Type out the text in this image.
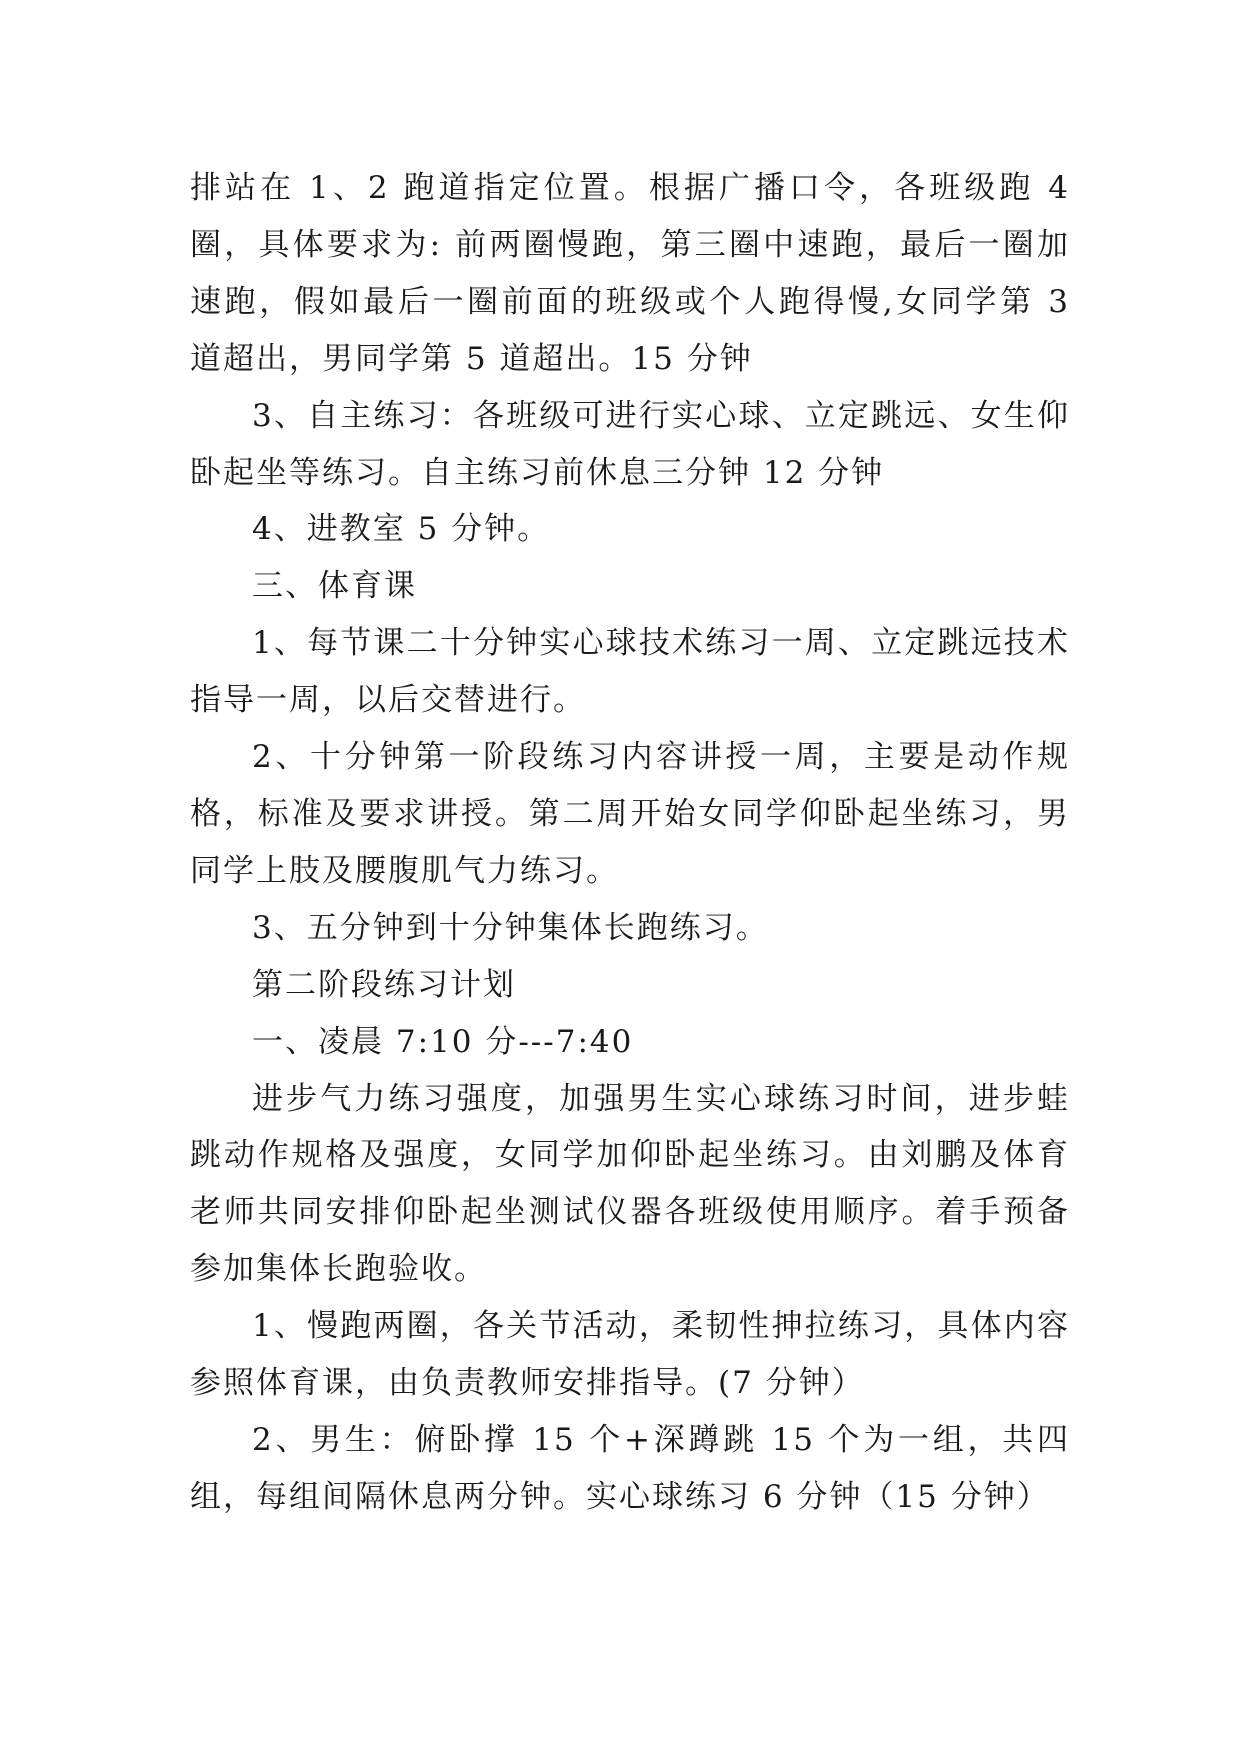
排站在 1、2 跑道指定位置。根据广播口令，各班级跑 4 圈，具体要求为: 前两圈慢跑，第三圈中速跑，最后一圈加速跑，假如最后一圈前面的班级或个人跑得慢,女同学第 3 道超出，男同学第 5 道超出。15 分钟

3、自主练习：各班级可进行实心球、立定跳远、女生仰卧起坐等练习。自主练习前休息三分钟 12 分钟

4、进教室 5 分钟。

三、体育课

1、每节课二十分钟实心球技术练习一周、立定跳远技术指导一周，以后交替进行。

2、十分钟第一阶段练习内容讲授一周，主要是动作规格，标准及要求讲授。第二周开始女同学仰卧起坐练习，男同学上肢及腰腹肌气力练习。

3、五分钟到十分钟集体长跑练习。

第二阶段练习计划

一、凌晨 7:10 分---7:40

进步气力练习强度，加强男生实心球练习时间，进步蛙跳动作规格及强度，女同学加仰卧起坐练习。由刘鹏及体育老师共同安排仰卧起坐测试仪器各班级使用顺序。着手预备参加集体长跑验收。

1、慢跑两圈，各关节活动，柔韧性抻拉练习，具体内容参照体育课，由负责教师安排指导。(7 分钟）

2、男生：俯卧撑 15 个+深蹲跳 15 个为一组，共四组，每组间隔休息两分钟。实心球练习 6 分钟（15 分钟）
